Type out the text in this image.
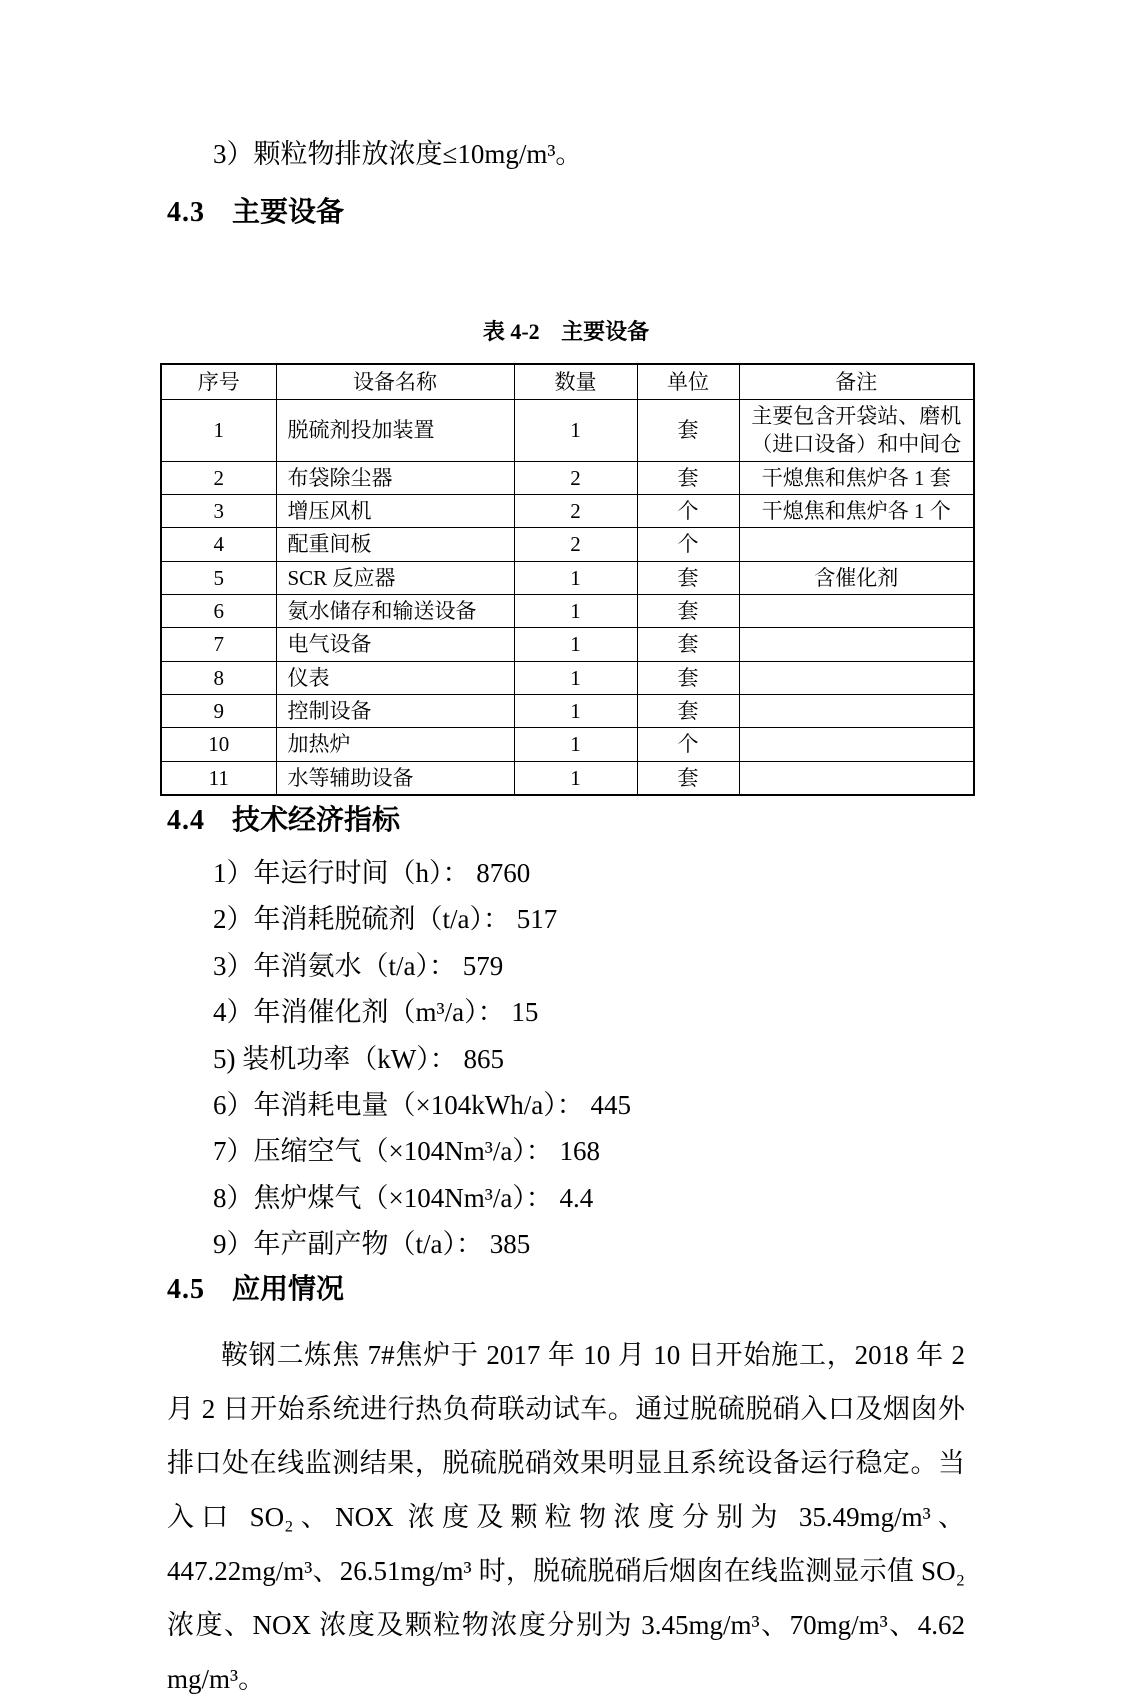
3）颗粒物排放浓度≤10mg/m³。

4.3 主要设备

表 4-2 主要设备

序号	设备名称	数量	单位	备注
1	脱硫剂投加装置	1	套	主要包含开袋站、磨机（进口设备）和中间仓
2	布袋除尘器	2	套	干熄焦和焦炉各 1 套
3	增压风机	2	个	干熄焦和焦炉各 1 个
4	配重间板	2	个	
5	SCR 反应器	1	套	含催化剂
6	氨水储存和输送设备	1	套	
7	电气设备	1	套	
8	仪表	1	套	
9	控制设备	1	套	
10	加热炉	1	个	
11	水等辅助设备	1	套	
4.4 技术经济指标
1）年运行时间（h）： 8760
2）年消耗脱硫剂（t/a）： 517
3）年消氨水（t/a）： 579
4）年消催化剂（m³/a）： 15
5) 装机功率（kW）： 865
6）年消耗电量（×104kWh/a）： 445
7）压缩空气（×104Nm³/a）： 168
8）焦炉煤气（×104Nm³/a）： 4.4
9）年产副产物（t/a）： 385
4.5 应用情况

鞍钢二炼焦 7#焦炉于 2017 年 10 月 10 日开始施工，2018 年 2 月 2 日开始系统进行热负荷联动试车。通过脱硫脱硝入口及烟囱外排口处在线监测结果，脱硫脱硝效果明显且系统设备运行稳定。当入口 SO₂、NOX 浓度及颗粒物浓度分别为 35.49mg/m³、447.22mg/m³、26.51mg/m³ 时，脱硫脱硝后烟囱在线监测显示值 SO₂ 浓度、NOX 浓度及颗粒物浓度分别为 3.45mg/m³、70mg/m³、4.62 mg/m³。
